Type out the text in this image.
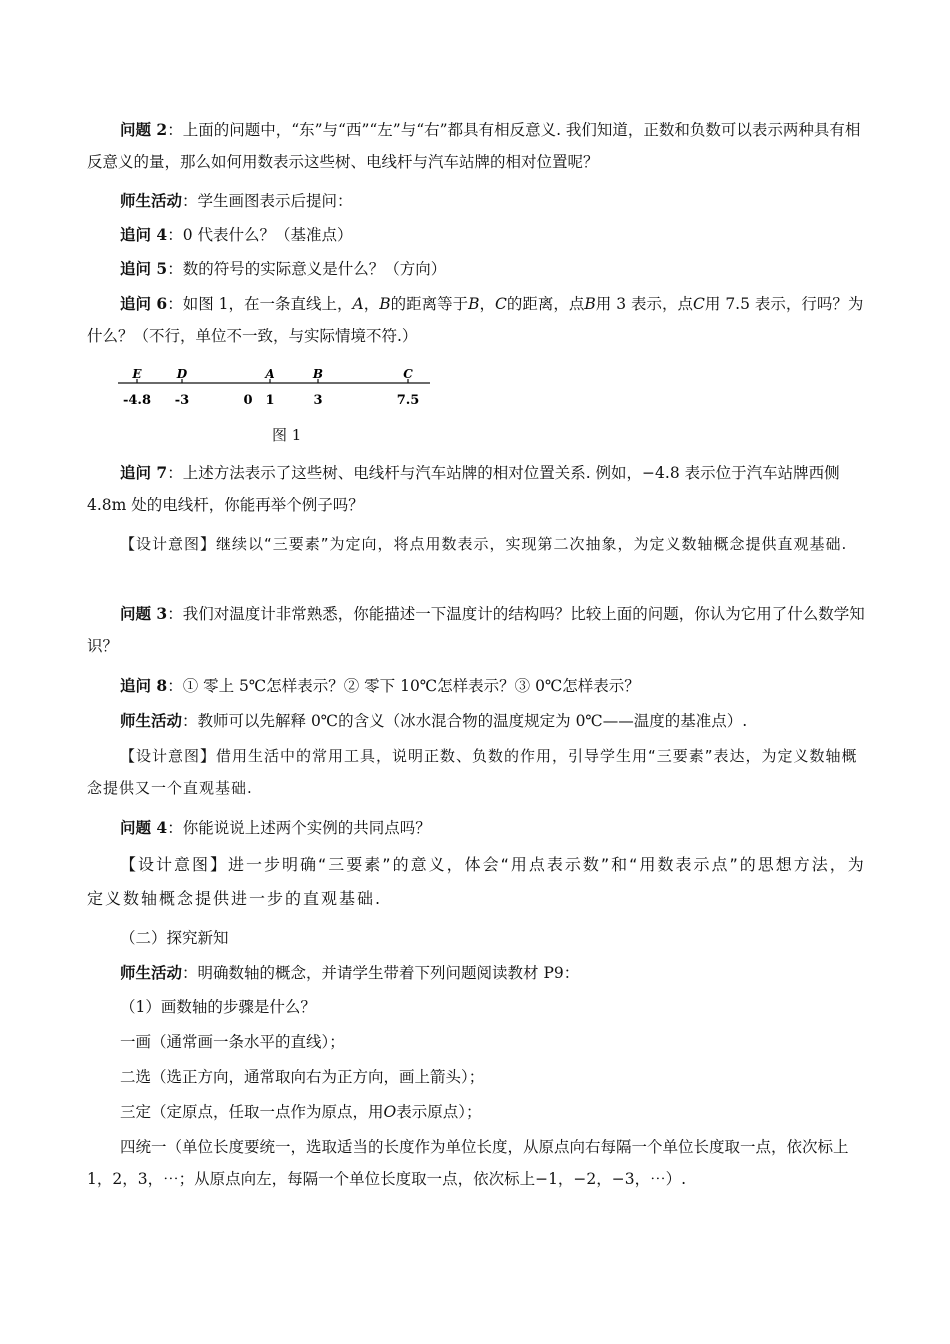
问题 2：上面的问题中，“东”与“西”“左”与“右”都具有相反意义. 我们知道，正数和负数可以表示两种具有相反意义的量，那么如何用数表示这些树、电线杆与汽车站牌的相对位置呢？
师生活动：学生画图表示后提问：
追问 4：0 代表什么？（基准点）
追问 5：数的符号的实际意义是什么？（方向）
追问 6：如图 1，在一条直线上，A，B的距离等于B，C的距离，点B用 3 表示，点C用 7.5 表示，行吗？为什么？（不行，单位不一致，与实际情境不符.）
E
-4.8
D
-3	0
A
1
B
3
C
7.5
图 1
追问 7：上述方法表示了这些树、电线杆与汽车站牌的相对位置关系. 例如，−4.8 表示位于汽车站牌西侧 4.8m 处的电线杆，你能再举个例子吗？
【设计意图】继续以“三要素”为定向，将点用数表示，实现第二次抽象，为定义数轴概念提供直观基础.
问题 3：我们对温度计非常熟悉，你能描述一下温度计的结构吗？比较上面的问题，你认为它用了什么数学知识？
追问 8：① 零上 5℃怎样表示？② 零下 10℃怎样表示？③ 0℃怎样表示？
师生活动：教师可以先解释 0℃的含义（冰水混合物的温度规定为 0℃——温度的基准点）.
【设计意图】借用生活中的常用工具，说明正数、负数的作用，引导学生用“三要素”表达，为定义数轴概念提供又一个直观基础.
问题 4：你能说说上述两个实例的共同点吗？
【设计意图】进一步明确“三要素”的意义，体会“用点表示数”和“用数表示点”的思想方法，为定义数轴概念提供进一步的直观基础.
（二）探究新知
师生活动：明确数轴的概念，并请学生带着下列问题阅读教材 P9：
（1）画数轴的步骤是什么？
一画（通常画一条水平的直线）；
二选（选正方向，通常取向右为正方向，画上箭头）；
三定（定原点，任取一点作为原点，用O表示原点）；
四统一（单位长度要统一，选取适当的长度作为单位长度，从原点向右每隔一个单位长度取一点，依次标上 1，2，3，⋯；从原点向左，每隔一个单位长度取一点，依次标上−1，−2，−3，⋯）.
